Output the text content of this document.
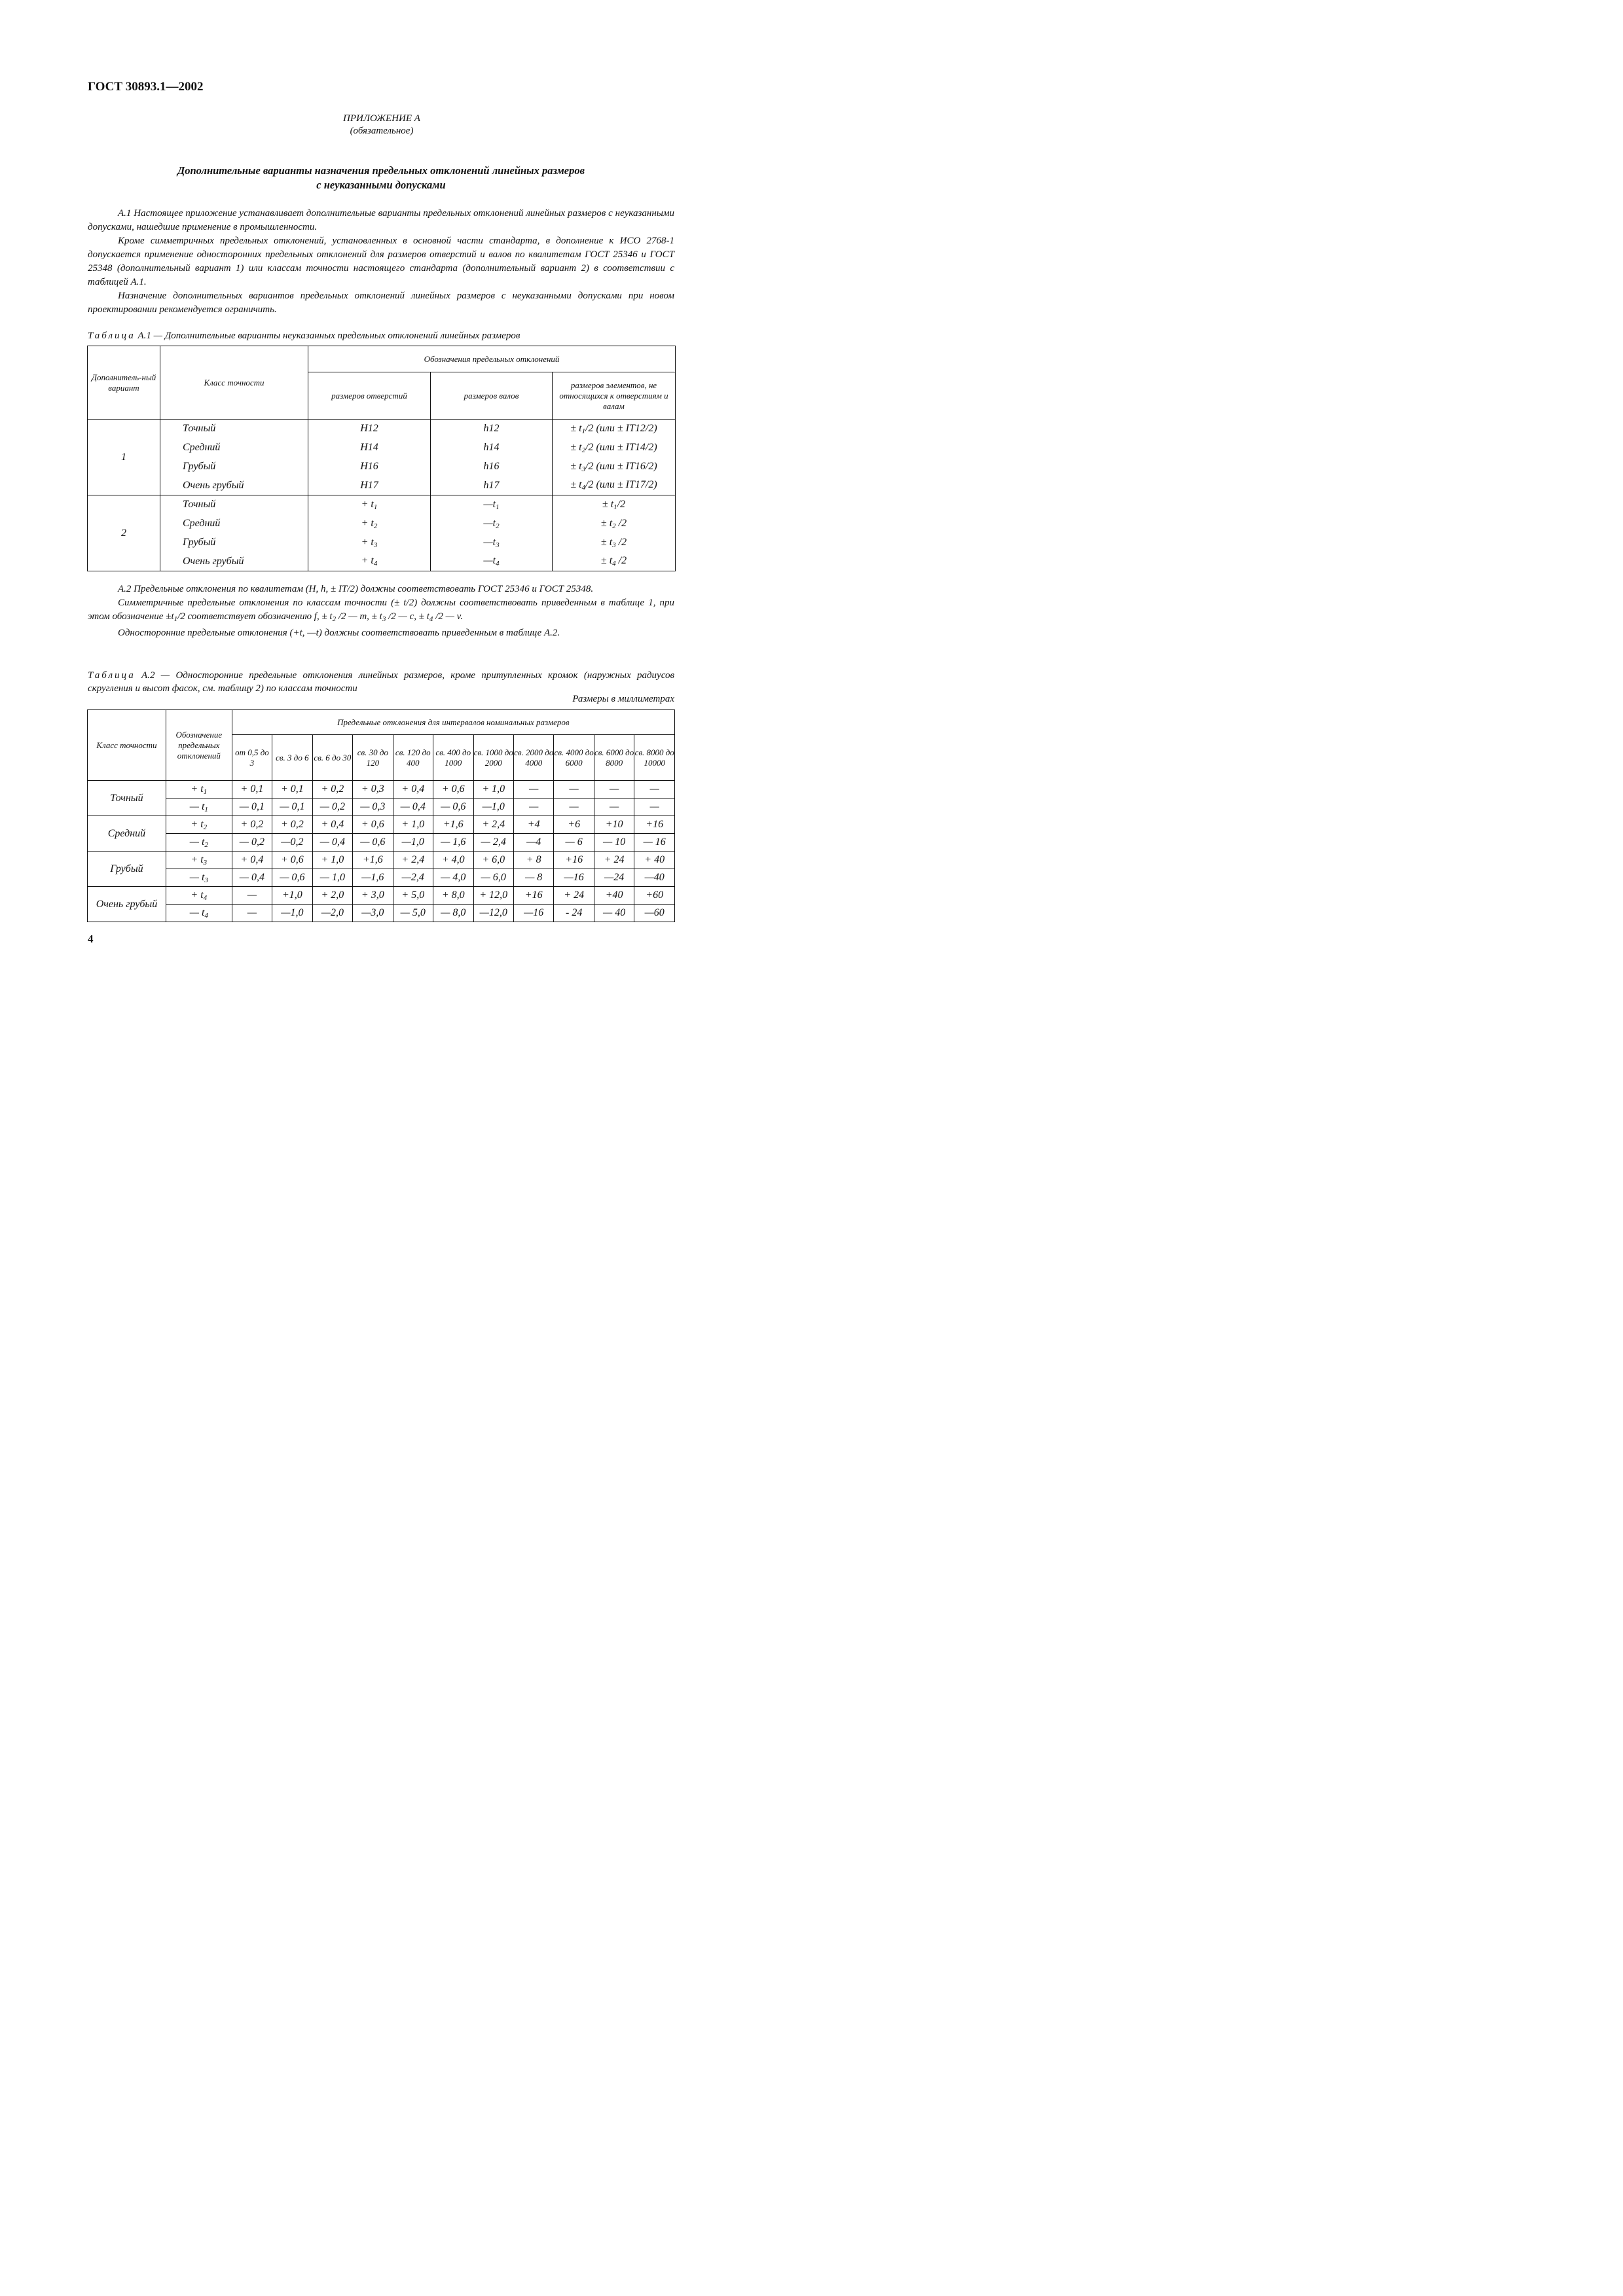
ГОСТ 30893.1—2002
ПРИЛОЖЕНИЕ А
(обязательное)
Дополнительные варианты назначения предельных отклонений линейных размеров
с неуказанными допусками

А.1 Настоящее приложение устанавливает дополнительные варианты предельных отклонений линейных размеров с неуказанными допусками, нашедшие применение в промышленности.

Кроме симметричных предельных отклонений, установленных в основной части стандарта, в дополнение к ИСО 2768-1 допускается применение односторонних предельных отклонений для размеров отверстий и валов по квалитетам ГОСТ 25346 и ГОСТ 25348 (дополнительный вариант 1) или классам точности настоящего стандарта (дополнительный вариант 2) в соответствии с таблицей А.1.

Назначение дополнительных вариантов предельных отклонений линейных размеров с неуказанными допусками при новом проектировании рекомендуется ограничить.

Таблица А.1 — Дополнительные варианты неуказанных предельных отклонений линейных размеров
Дополнитель-ный вариант	Класс точности	Обозначения предельных отклонений		
		размеров отверстий	размеров валов	размеров элементов, не относящихся к отверстиям и валам
1	Точный	H12	h12	± $t_1/2$ (или ± IT12/2)
	Средний	H14	h14	± $t_2/2$ (или ± IT14/2)
	Грубый	H16	h16	± $t_3/2$ (или ± IT16/2)
	Очень грубый	H17	h17	± $t_4/2$ (или ± IT17/2)
2	Точный	+ $t_1$	$—t_1$	± $t_1/2$
	Средний	+ $t_2$	$—t_2$	± $t_2$ /2
	Грубый	+ $t_3$	$—t_3$	± $t_3$ /2
	Очень грубый	+ $t_4$	$—t_4$	± $t_4$ /2

А.2 Предельные отклонения по квалитетам (H, h, ± IT/2) должны соответствовать ГОСТ 25346 и ГОСТ 25348.

Симметричные предельные отклонения по классам точности (± t/2) должны соответствовать приведенным в таблице 1, при этом обозначение $\pm t_1/2$ соответствует обозначению f, ± $t_2$ /2 — m, ± $t_3$ /2 — c, ± $t_4$ /2 — v.

Односторонние предельные отклонения (+t, —t) должны соответствовать приведенным в таблице А.2.

Таблица А.2 — Односторонние предельные отклонения линейных размеров, кроме притупленных кромок (наружных радиусов скругления и высот фасок, см. таблицу 2) по классам точности
Размеры в миллиметрах
Класс точности	Обозначение предельных отклонений	Предельные отклонения для интервалов номинальных размеров										
		от 0,5 до 3	св. 3 до 6	св. 6 до 30	св. 30 до 120	св. 120 до 400	св. 400 до 1000	св. 1000 до 2000	св. 2000 до 4000	св. 4000 до 6000	св. 6000 до 8000	св. 8000 до 10000
Точный	+ $t_1$	+ 0,1	+ 0,1	+ 0,2	+ 0,3	+ 0,4	+ 0,6	+ 1,0	—	—	—	—
	— $t_1$	— 0,1	— 0,1	— 0,2	— 0,3	— 0,4	— 0,6	—1,0	—	—	—	—
Средний	+ $t_2$	+ 0,2	+ 0,2	+ 0,4	+ 0,6	+ 1,0	+1,6	+ 2,4	+4	+6	+10	+16
	— $t_2$	— 0,2	—0,2	— 0,4	— 0,6	—1,0	— 1,6	— 2,4	—4	— 6	— 10	— 16
Грубый	+ $t_3$	+ 0,4	+ 0,6	+ 1,0	+1,6	+ 2,4	+ 4,0	+ 6,0	+ 8	+16	+ 24	+ 40
	— $t_3$	— 0,4	— 0,6	— 1,0	—1,6	—2,4	— 4,0	— 6,0	— 8	—16	—24	—40
Очень грубый	+ $t_4$	—	+1,0	+ 2,0	+ 3,0	+ 5,0	+ 8,0	+ 12,0	+16	+ 24	+40	+60
	— $t_4$	—	—1,0	—2,0	—3,0	— 5,0	— 8,0	—12,0	—16	- 24	— 40	—60
4
